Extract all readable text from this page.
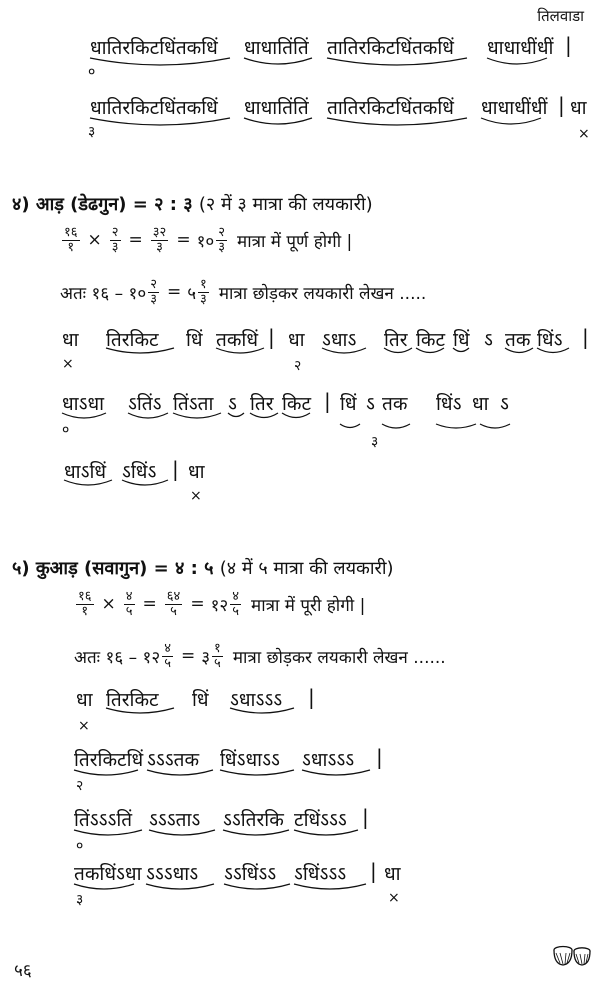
तिलवाडा
धातिरकिटधिंतकधिं धाधातिंतिं तातिरकिटधिंतकधिं धाधाधींधीं |
०
धातिरकिटधिंतकधिं धाधातिंतिं तातिरकिटधिंतकधिं धाधाधींधीं | धा
३	×
४) आड़ (डेढगुन) = २ : ३ (२ में ३ मात्रा की लयकारी)
$\frac{१६}{१} \times \frac{२}{३} = \frac{३२}{३}$ = १० $\frac{२}{३}$ मात्रा में पूर्ण होगी |
अतः १६ – १० $\frac{२}{३}$ = ५ $\frac{१}{३}$ मात्रा छोड़कर लयकारी लेखन .....
धा तिरकिट धिं तकधिं | धा ऽधाऽ तिर किट धिं ऽ तक धिंऽ |
×	२
धाऽधा ऽतिंऽ तिंऽता ऽ तिर किट | धिं ऽ तक धिंऽ धा ऽ
०
३
धाऽधिं ऽधिंऽ | धा
×
५) कुआड़ (सवागुन) = ४ : ५ (४ में ५ मात्रा की लयकारी)
$\frac{१६}{१} \times \frac{४}{५} = \frac{६४}{५}$ = १२ $\frac{४}{५}$ मात्रा में पूरी होगी |
अतः १६ – १२ $\frac{४}{५}$ = ३ $\frac{१}{५}$ मात्रा छोड़कर लयकारी लेखन ......
धा तिरकिट धिं ऽधाऽऽऽ |
×
तिरकिटधिं ऽऽऽतक धिंऽधाऽऽ ऽधाऽऽऽ |
२
तिंऽऽऽतिं ऽऽऽताऽ ऽऽतिरकि टधिंऽऽऽ |
०
तकधिंऽधा ऽऽऽधाऽ ऽऽधिंऽऽ ऽधिंऽऽऽ | धा
३	×
५६
